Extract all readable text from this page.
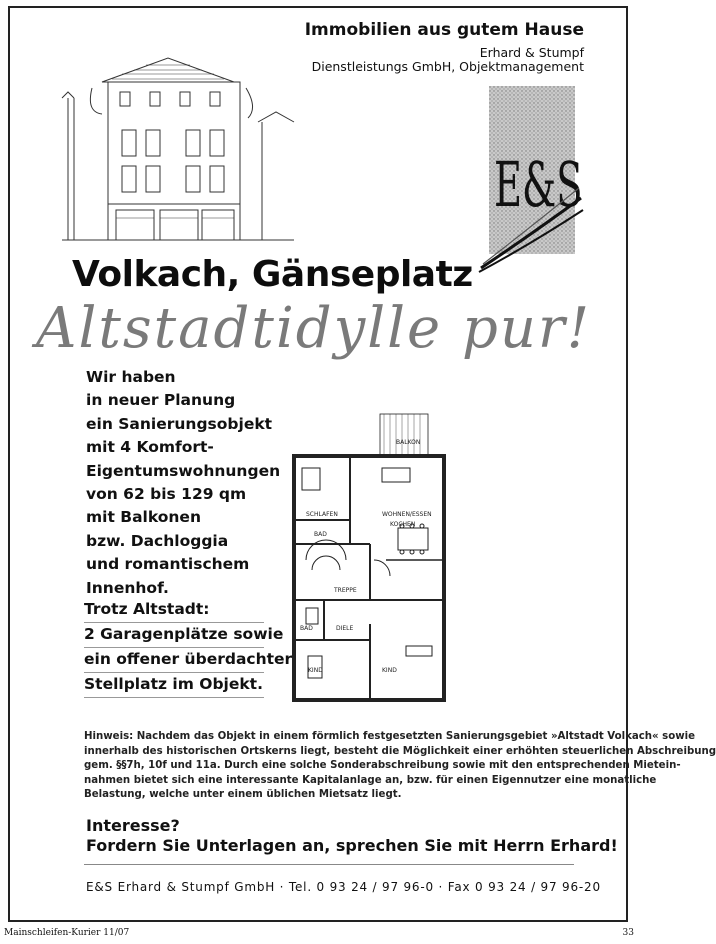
Immobilien aus gutem Hause
Erhard & Stumpf
Dienstleistungs GmbH, Objektmanagement
E&S
Volkach, Gänseplatz
Altstadtidylle pur!
Wir haben
in neuer Planung
ein Sanierungsobjekt
mit 4 Komfort-
Eigentumswohnungen
von 62 bis 129 qm
mit Balkonen
bzw. Dachloggia
und romantischem
Innenhof.
Trotz Altstadt:
2 Garagenplätze sowie
ein offener überdachter
Stellplatz im Objekt.
BALKON
SCHLAFEN	WOHNEN/ESSEN
KOCHEN
BAD
TREPPE
BAD	DIELE
KIND	KIND
Hinweis: Nachdem das Objekt in einem förmlich festgesetzten Sanierungsgebiet »Altstadt Volkach« sowie
innerhalb des historischen Ortskerns liegt, besteht die Möglichkeit einer erhöhten steuerlichen Abschreibung
gem. §§7h, 10f und 11a. Durch eine solche Sonderabschreibung sowie mit den entsprechenden Mietein-
nahmen bietet sich eine interessante Kapitalanlage an, bzw. für einen Eigennutzer eine monatliche
Belastung, welche unter einem üblichen Mietsatz liegt.
Interesse?
Fordern Sie Unterlagen an, sprechen Sie mit Herrn Erhard!
E&S Erhard & Stumpf GmbH · Tel. 0 93 24 / 97 96-0 · Fax 0 93 24 / 97 96-20
Mainschleifen-Kurier 11/07	33
